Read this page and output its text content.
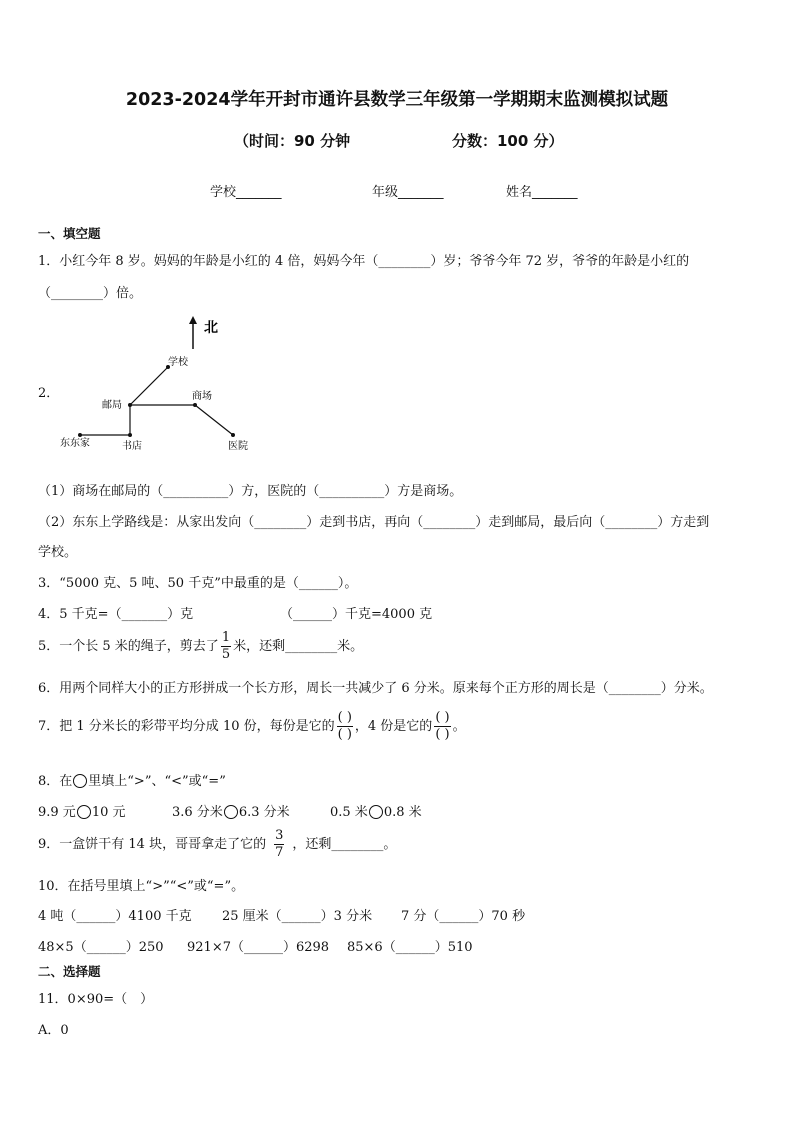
2023-2024学年开封市通许县数学三年级第一学期期末监测模拟试题
（时间：90 分钟	分数：100 分）
学校_______	年级_______	姓名_______
一、填空题
1．小红今年 8 岁。妈妈的年龄是小红的 4 倍，妈妈今年（________）岁；爷爷今年 72 岁，爷爷的年龄是小红的
（________）倍。
2．
北
学校
邮局
商场
东东家	书店	医院
（1）商场在邮局的（__________）方，医院的（__________）方是商场。
（2）东东上学路线是：从家出发向（________）走到书店，再向（________）走到邮局，最后向（________）方走到
学校。
3．“5000 克、5 吨、50 千克”中最重的是（______）。
4．5 千克=（_______）克	（______）千克=4000 克
5．一个长 5 米的绳子，剪去了 $\frac{1}{5}$ 米，还剩________米。
6．用两个同样大小的正方形拼成一个长方形，周长一共减少了 6 分米。原来每个正方形的周长是（________）分米。
7．把 1 分米长的彩带平均分成 10 份，每份是它的 $\frac{( )}{( )}$ ，4 份是它的 $\frac{( )}{( )}$ 。
8．在 里填上“>”、“<”或“=”
9.9 元 10 元	3.6 分米 6.3 分米	0.5 米 0.8 米
9．一盒饼干有 14 块，哥哥拿走了它的 $\frac{3}{7}$ ，还剩________。
10．在括号里填上“>”“<”或“=”。
4 吨（______）4100 千克 25 厘米（______）3 分米 7 分（______）70 秒
48×5（______）250 921×7（______）6298 85×6（______）510
二、选择题
11．0×90=（　）
A．0
